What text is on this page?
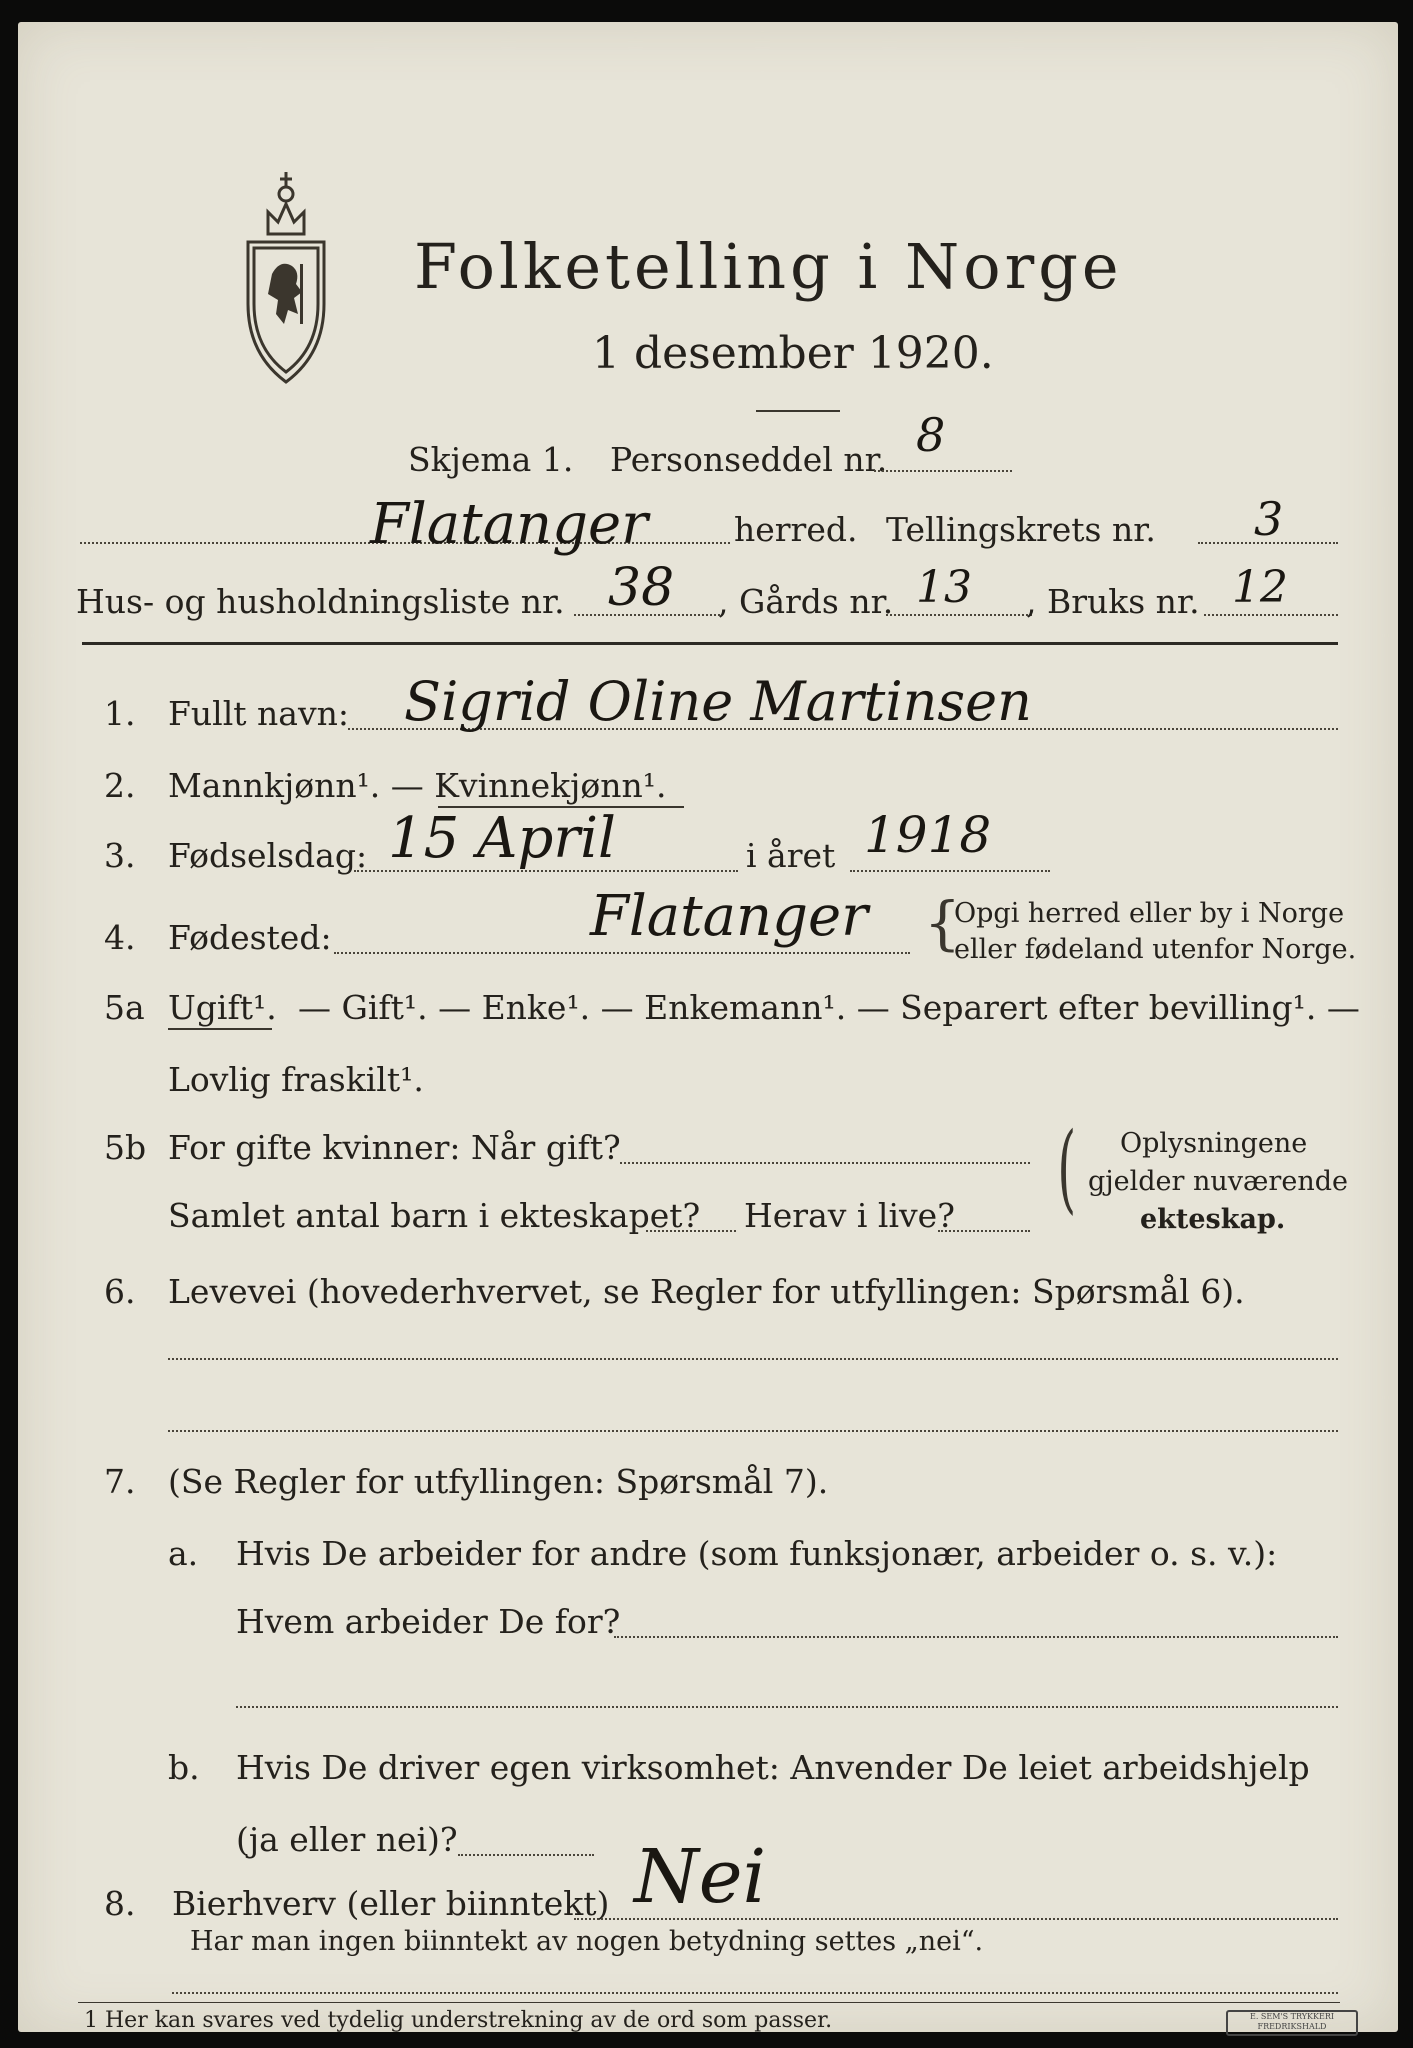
Folketelling i Norge
1 desember 1920.
Skjema 1. Personseddel nr. 8
Flatanger	herred. Tellingskrets nr. 3
Hus- og husholdningsliste nr. 38 , Gårds nr. 13 , Bruks nr. 12
1. Fullt navn: Sigrid Oline Martinsen
2. Mannkjønn¹. — Kvinnekjønn¹.
3. Fødselsdag: 15 April	i året 1918
4. Fødested:	Flatanger {
Opgi herred eller by i Norge
eller fødeland utenfor Norge.
5a Ugift¹. — Gift¹. — Enke¹. — Enkemann¹. — Separert efter bevilling¹. —
Lovlig fraskilt¹.
5b For gifte kvinner: Når gift?
Samlet antal barn i ekteskapet? Herav i live? ( Oplysningene
gjelder nuværende
ekteskap.
6. Levevei (hovederhvervet, se Regler for utfyllingen: Spørsmål 6).
7. (Se Regler for utfyllingen: Spørsmål 7).
a. Hvis De arbeider for andre (som funksjonær, arbeider o. s. v.):
Hvem arbeider De for?
b. Hvis De driver egen virksomhet: Anvender De leiet arbeidshjelp
(ja eller nei)?
8. Bierhverv (eller biinntekt) Nei
Har man ingen biinntekt av nogen betydning settes „nei“.
1 Her kan svares ved tydelig understrekning av de ord som passer.	E. SEM'S TRYKKERI FREDRIKSHALD
